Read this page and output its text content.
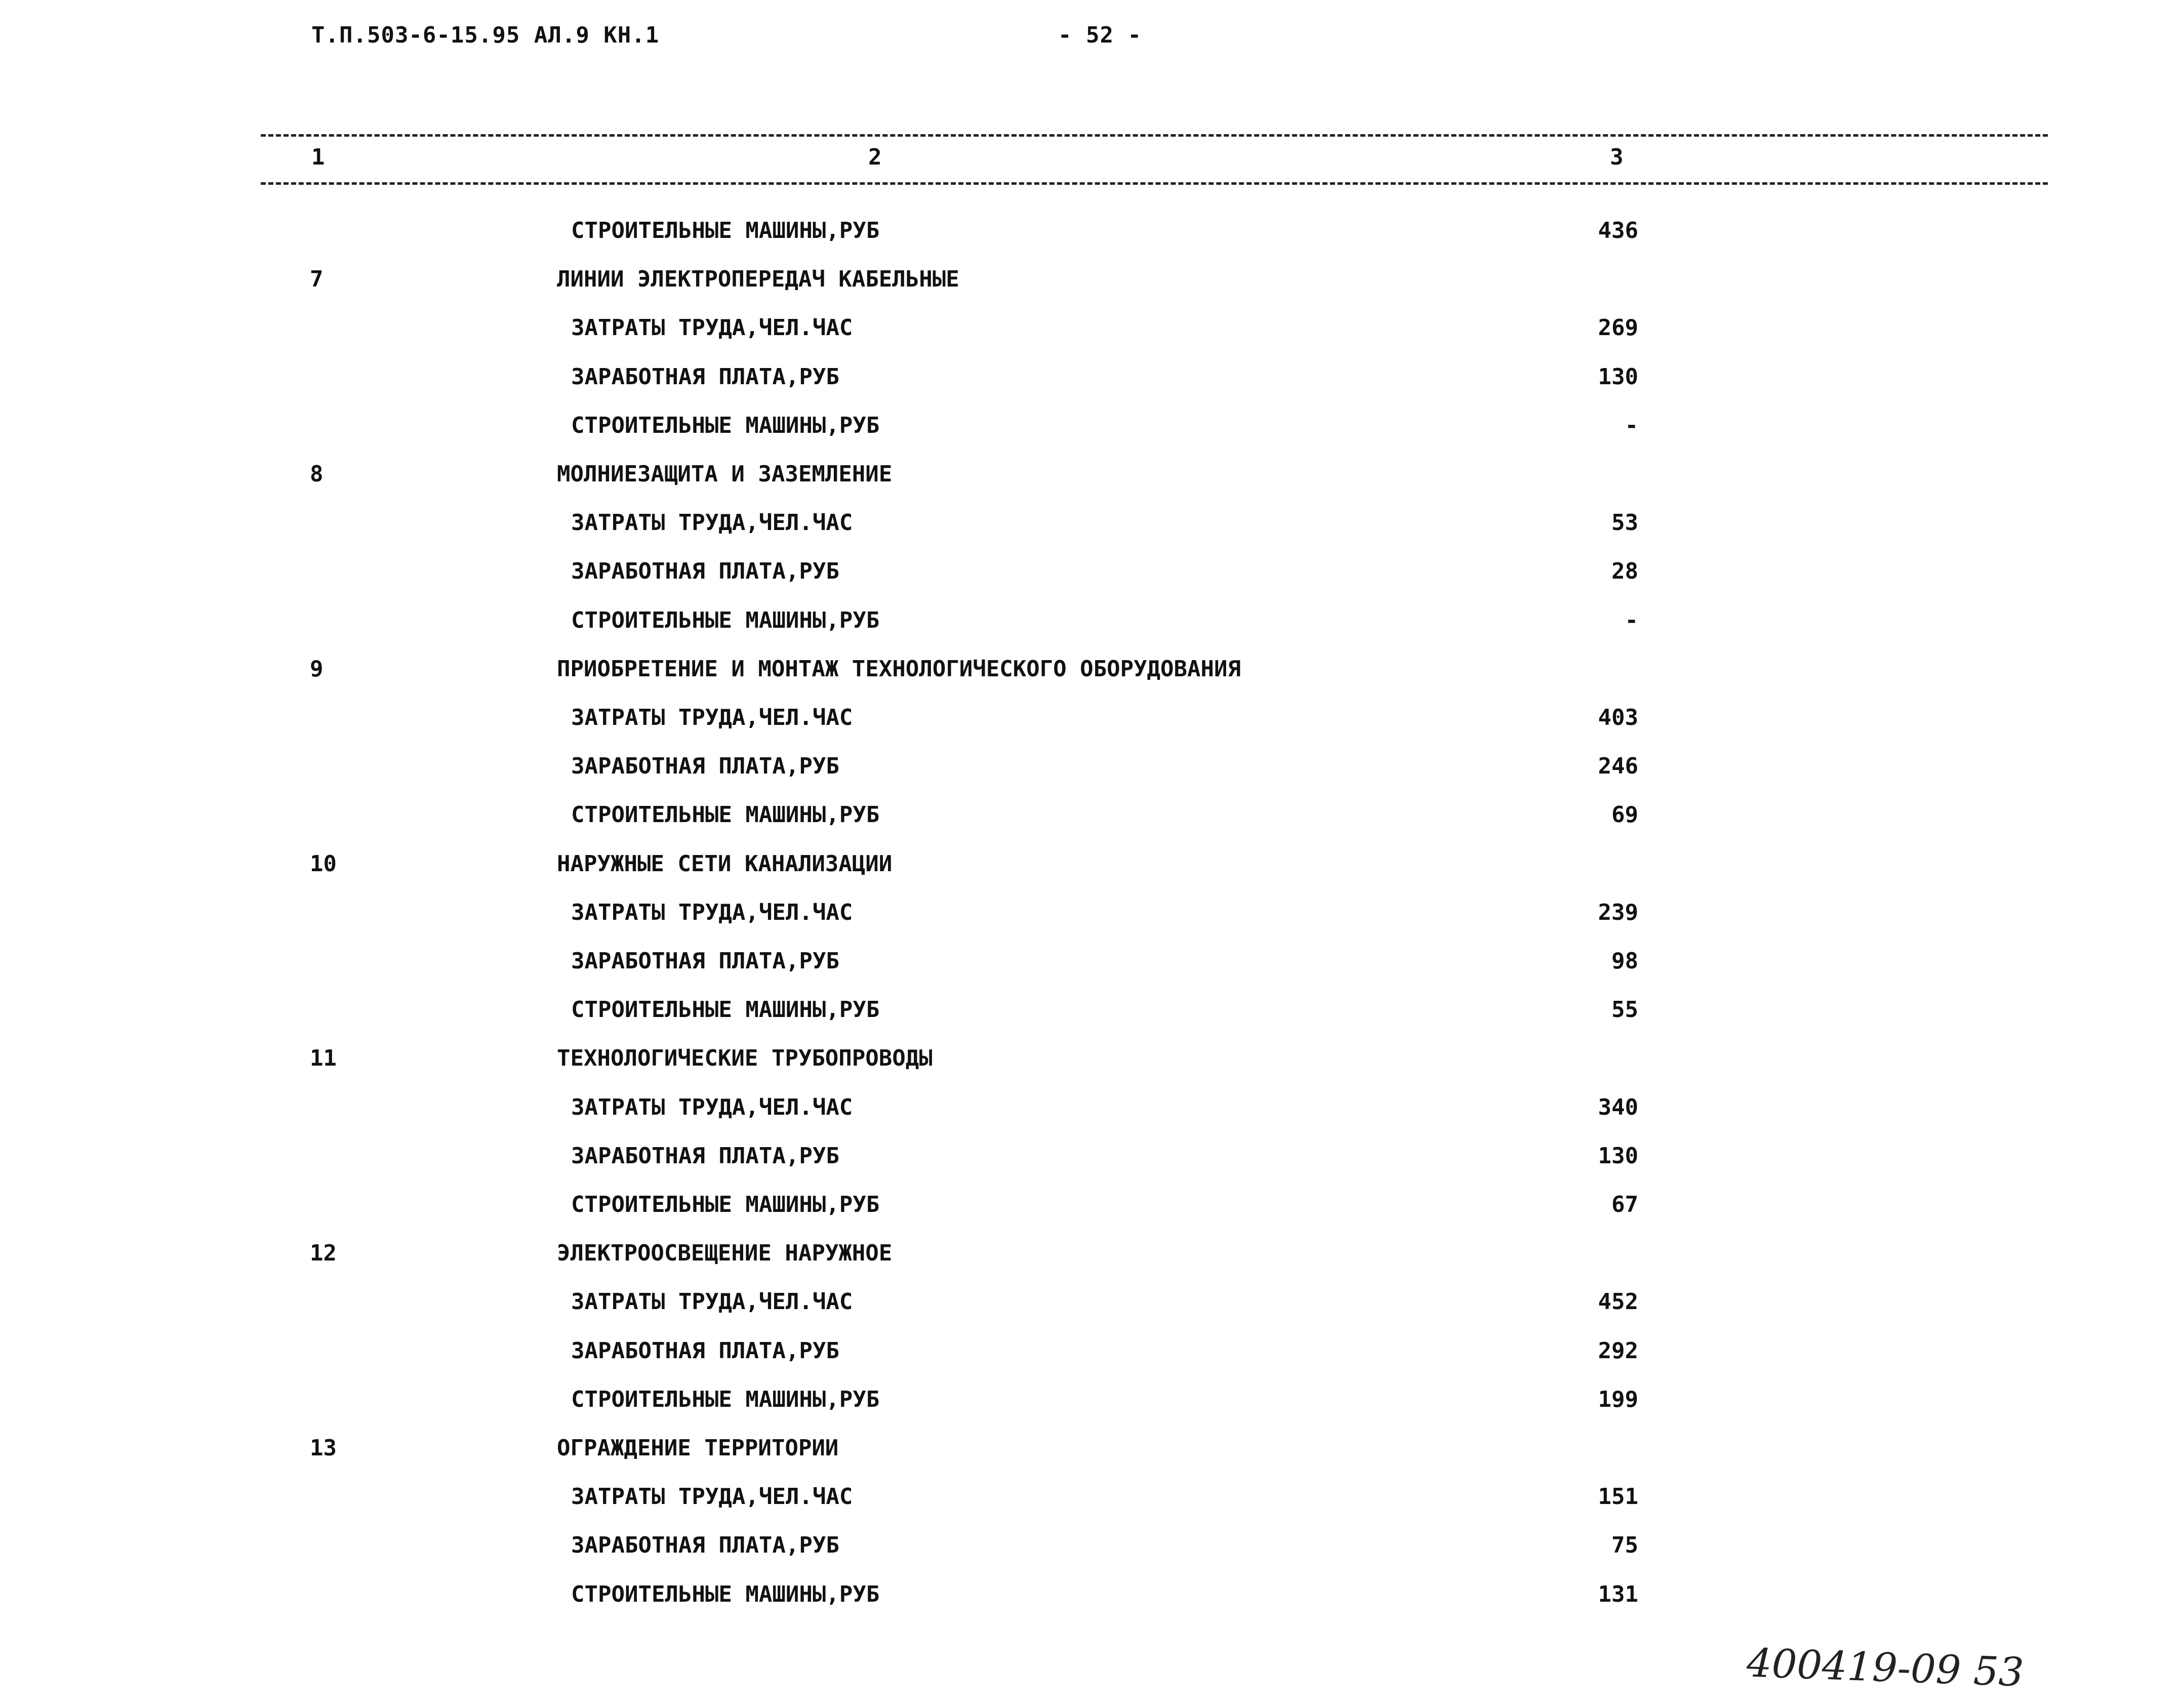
Т.П.503-6-15.95 АЛ.9 КН.1	- 52 -
1	2	3
СТРОИТЕЛЬНЫЕ МАШИНЫ,РУБ	436
7	ЛИНИИ ЭЛЕКТРОПЕРЕДАЧ КАБЕЛЬНЫЕ
ЗАТРАТЫ ТРУДА,ЧЕЛ.ЧАС	269
ЗАРАБОТНАЯ ПЛАТА,РУБ	130
СТРОИТЕЛЬНЫЕ МАШИНЫ,РУБ	-
8	МОЛНИЕЗАЩИТА И ЗАЗЕМЛЕНИЕ
ЗАТРАТЫ ТРУДА,ЧЕЛ.ЧАС	53
ЗАРАБОТНАЯ ПЛАТА,РУБ	28
СТРОИТЕЛЬНЫЕ МАШИНЫ,РУБ	-
9	ПРИОБРЕТЕНИЕ И МОНТАЖ ТЕХНОЛОГИЧЕСКОГО ОБОРУДОВАНИЯ
ЗАТРАТЫ ТРУДА,ЧЕЛ.ЧАС	403
ЗАРАБОТНАЯ ПЛАТА,РУБ	246
СТРОИТЕЛЬНЫЕ МАШИНЫ,РУБ	69
10	НАРУЖНЫЕ СЕТИ КАНАЛИЗАЦИИ
ЗАТРАТЫ ТРУДА,ЧЕЛ.ЧАС	239
ЗАРАБОТНАЯ ПЛАТА,РУБ	98
СТРОИТЕЛЬНЫЕ МАШИНЫ,РУБ	55
11	ТЕХНОЛОГИЧЕСКИЕ ТРУБОПРОВОДЫ
ЗАТРАТЫ ТРУДА,ЧЕЛ.ЧАС	340
ЗАРАБОТНАЯ ПЛАТА,РУБ	130
СТРОИТЕЛЬНЫЕ МАШИНЫ,РУБ	67
12	ЭЛЕКТРООСВЕЩЕНИЕ НАРУЖНОЕ
ЗАТРАТЫ ТРУДА,ЧЕЛ.ЧАС	452
ЗАРАБОТНАЯ ПЛАТА,РУБ	292
СТРОИТЕЛЬНЫЕ МАШИНЫ,РУБ	199
13	ОГРАЖДЕНИЕ ТЕРРИТОРИИ
ЗАТРАТЫ ТРУДА,ЧЕЛ.ЧАС	151
ЗАРАБОТНАЯ ПЛАТА,РУБ	75
СТРОИТЕЛЬНЫЕ МАШИНЫ,РУБ	131
400419-09 53
